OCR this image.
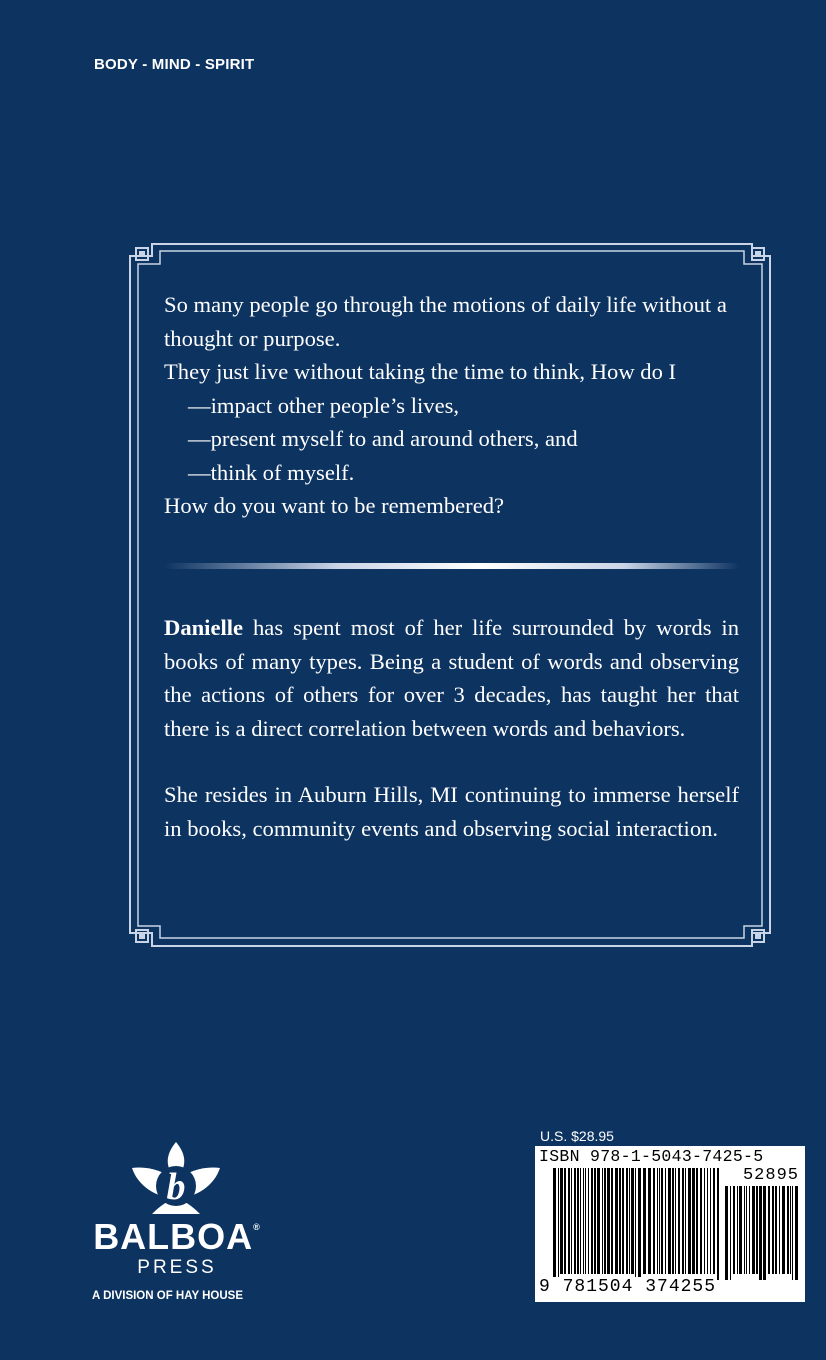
BODY - MIND - SPIRIT

So many people go through the motions of daily life without a thought or purpose.

They just live without taking the time to think, How do I

—impact other people’s lives,

—present myself to and around others, and

—think of myself.

How do you want to be remembered?

Danielle has spent most of her life surrounded by words in books of many types. Being a student of words and observing the actions of others for over 3 decades, has taught her that there is a direct correlation between words and behaviors.

She resides in Auburn Hills, MI continuing to immerse herself in books, community events and observing social interaction.

b
BALBOA®
PRESS
A DIVISION OF HAY HOUSE
U.S. $28.95
ISBN 978-1-5043-7425-5
52895
9 781504 374255
